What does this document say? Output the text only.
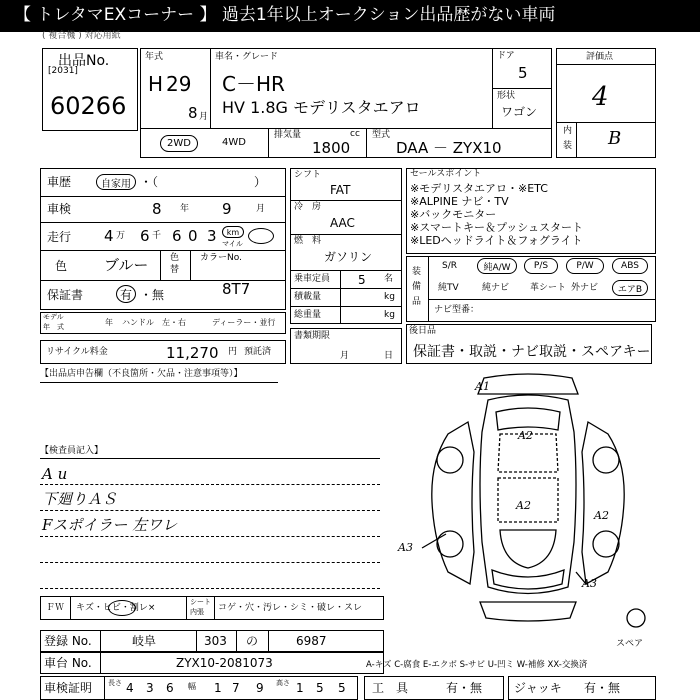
【 トレタマEXコーナー 】 過去1年以上オークション出品歴がない車両
( 複合機 ) 対応用紙
出品No.
[2031]
60266
年式
H 29
8 月
車名・グレード
C－HR
HV 1.8G モデリスタエアロ
ドア
5
形状
ワゴン
2WD	4WD
排気量	cc
1800
型式
DAA － ZYX10
評価点
4
内
装 B
車歴	自家用 ・（　　　　　　　　）
車検	8 年 9	月
走行 4 万 6 千 6 0 3	km
マイル
色 ブルー 色
替
カラーNo.
8T7
保証書	有 ・無
モデル
年　式	年 ハンドル　左・右	ディーラー・並行
リサイクル料金	11,270 円 預託済
シフト
FAT
冷　房
AAC
燃　料
ガソリン
乗車定員 5 名
積載量	kg
総重量	kg
書類期限
月	日
セールスポイント
※モデリスタエアロ・※ETC
※ALPINE ナビ・TV
※バックモニター
※スマートキー＆プッシュスタート
※LEDヘッドライト＆フォグライト
装
備
品
S/R	純A/W	P/S	P/W	ABS
純TV	純ナビ 革シート 外ナビ	エアB
ナビ型番：
後日品
保証書・取説・ナビ取説・スペアキー
【出品店申告欄（不良箇所・欠品・注意事項等）】
【検査員記入】
A u
下廻りＡＳ
Fスポイラー 左ワレ
A1
A2
A2
A2
A3
A3
スペア
ＦＷ キズ・ヒビ・割レ×
シート
内張 コゲ・穴・汚レ・シミ・破レ・スレ
登録 No.	岐阜	303 の	6987
車台 No.	ZYX10-2081073	A-キズ C-腐食 E-エクボ S-サビ U-凹ミ W-補修 XX-交換済
車検証明 長さ 4 3 6 幅 1 7 9 高さ 1 5 5 工　具	有・無	ジャッキ 有・無
